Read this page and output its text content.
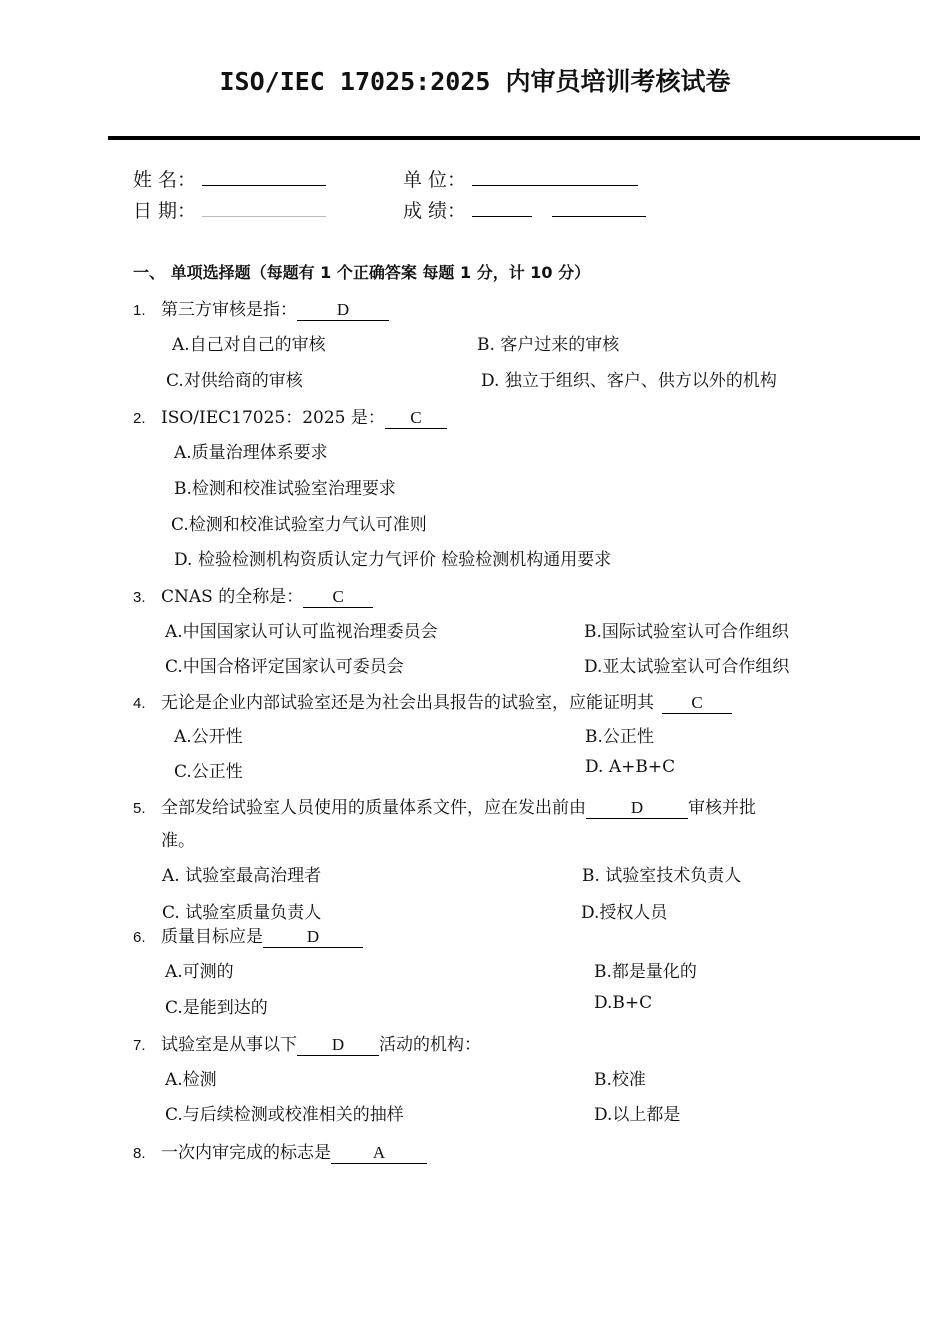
ISO/IEC 17025:2025 内审员培训考核试卷
姓 名：	单 位：
日 期：	成 绩：
一、 单项选择题（每题有 1 个正确答案 每题 1 分，计 10 分）
1. 第三方审核是指： D
A.自己对自己的审核	B. 客户过来的审核
C.对供给商的审核	D. 独立于组织、客户、供方以外的机构
2. ISO/IEC17025：2025 是： C
A.质量治理体系要求
B.检测和校准试验室治理要求
C.检测和校准试验室力气认可准则
D. 检验检测机构资质认定力气评价 检验检测机构通用要求
3. CNAS 的全称是： C
A.中国国家认可认可监视治理委员会	B.国际试验室认可合作组织
C.中国合格评定国家认可委员会	D.亚太试验室认可合作组织
4. 无论是企业内部试验室还是为社会出具报告的试验室，应能证明其 C
A.公开性	B.公正性
C.公正性	D. A+B+C
5. 全部发给试验室人员使用的质量体系文件，应在发出前由	D	审核并批
准。
A. 试验室最高治理者	B. 试验室技术负责人
C. 试验室质量负责人	D.授权人员
6. 质量目标应是	D
A.可测的	B.都是量化的
C.是能到达的	D.B+C
7. 试验室是从事以下 D 活动的机构：
A.检测	B.校准
C.与后续检测或校准相关的抽样	D.以上都是
8. 一次内审完成的标志是 A
